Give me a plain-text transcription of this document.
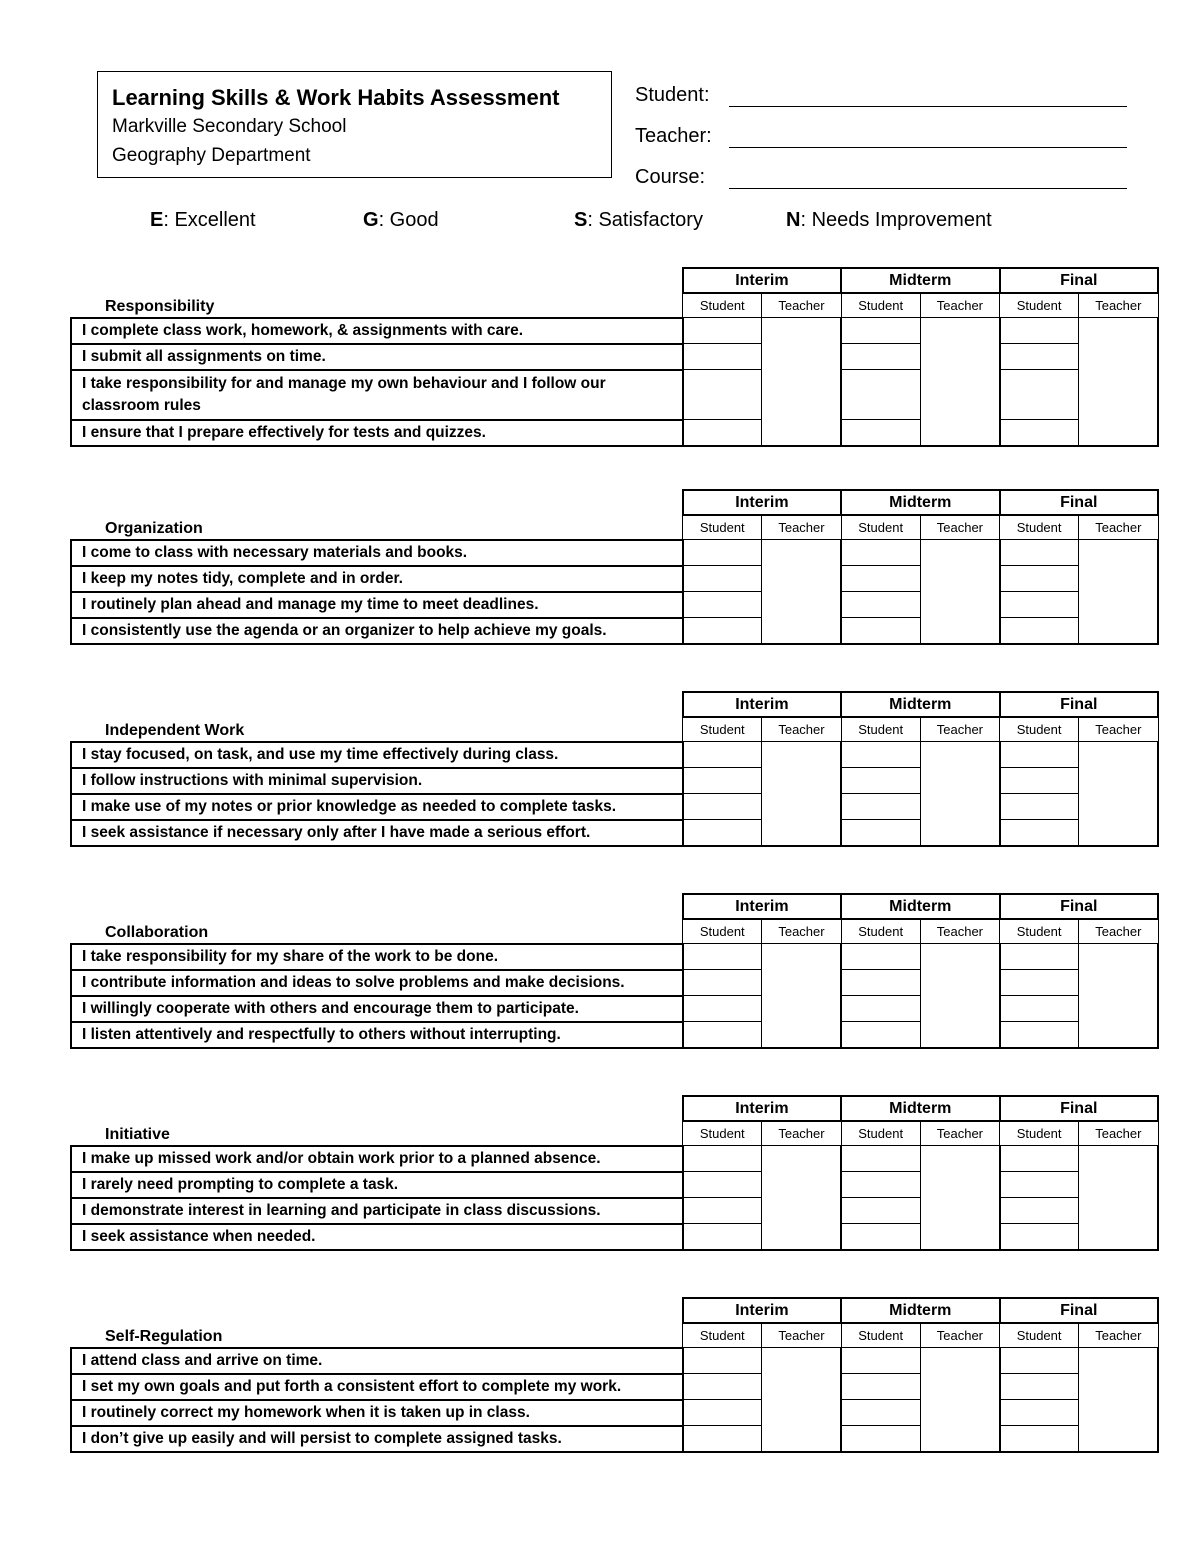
Learning Skills & Work Habits Assessment
Markville Secondary School
Geography Department
Student:
Teacher:
Course:
E: Excellent	G: Good	S: Satisfactory	N: Needs Improvement
	Interim		Midterm		Final	
Responsibility	Student	Teacher	Student	Teacher	Student	Teacher
I complete class work, homework, & assignments with care.						
I submit all assignments on time.						
I take responsibility for and manage my own behaviour and I follow our classroom rules						
I ensure that I prepare effectively for tests and quizzes.						
	Interim		Midterm		Final	
Organization	Student	Teacher	Student	Teacher	Student	Teacher
I come to class with necessary materials and books.						
I keep my notes tidy, complete and in order.						
I routinely plan ahead and manage my time to meet deadlines.						
I consistently use the agenda or an organizer to help achieve my goals.						
	Interim		Midterm		Final	
Independent Work	Student	Teacher	Student	Teacher	Student	Teacher
I stay focused, on task, and use my time effectively during class.						
I follow instructions with minimal supervision.						
I make use of my notes or prior knowledge as needed to complete tasks.						
I seek assistance if necessary only after I have made a serious effort.						
	Interim		Midterm		Final	
Collaboration	Student	Teacher	Student	Teacher	Student	Teacher
I take responsibility for my share of the work to be done.						
I contribute information and ideas to solve problems and make decisions.						
I willingly cooperate with others and encourage them to participate.						
I listen attentively and respectfully to others without interrupting.						
	Interim		Midterm		Final	
Initiative	Student	Teacher	Student	Teacher	Student	Teacher
I make up missed work and/or obtain work prior to a planned absence.						
I rarely need prompting to complete a task.						
I demonstrate interest in learning and participate in class discussions.						
I seek assistance when needed.						
	Interim		Midterm		Final	
Self-Regulation	Student	Teacher	Student	Teacher	Student	Teacher
I attend class and arrive on time.						
I set my own goals and put forth a consistent effort to complete my work.						
I routinely correct my homework when it is taken up in class.						
I don’t give up easily and will persist to complete assigned tasks.						
